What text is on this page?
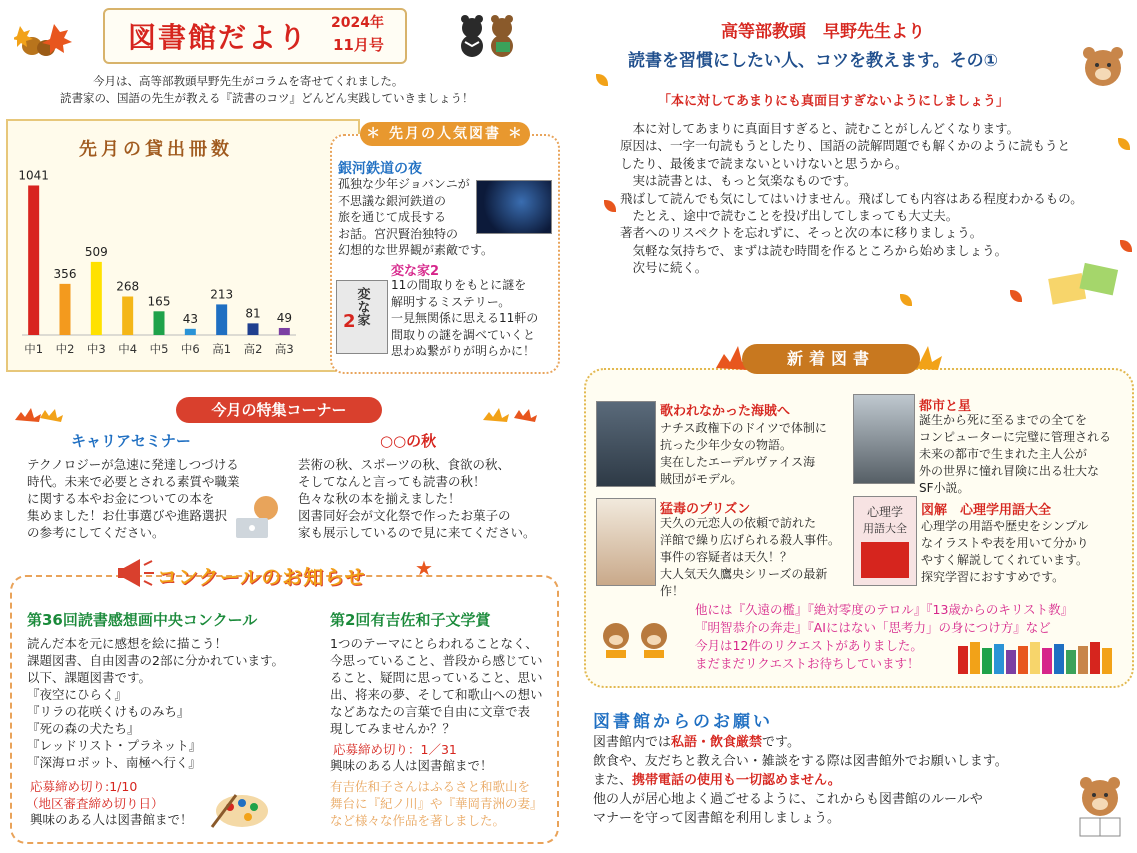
図書館だより 2024年
11月号
今月は、高等部教頭早野先生がコラムを寄せてくれました。
読書家の、国語の先生が教える『読書のコツ』どんどん実践していきましょう！
先月の貸出冊数
1041
中1
356
中2
509
中3
268
中4
165
中5
43
中6
213
高1
81
高2
49
高3
＊ 先月の人気図書 ＊
銀河鉄道の夜
孤独な少年ジョバンニが
不思議な銀河鉄道の
旅を通じて成長する
お話。宮沢賢治独特の
幻想的な世界観が素敵です。
変な家
2
変な家2
11の間取りをもとに謎を
解明するミステリー。
一見無関係に思える11軒の
間取りの謎を調べていくと
思わぬ繋がりが明らかに！
今月の特集コーナー
キャリアセミナー
テクノロジーが急速に発達しつづける
時代。未来で必要とされる素質や職業
に関する本やお金についての本を
集めました！お仕事選びや進路選択
の参考にしてください。
○○の秋
芸術の秋、スポーツの秋、食欲の秋、
そしてなんと言っても読書の秋！
色々な秋の本を揃えました！
図書同好会が文化祭で作ったお菓子の
家も展示しているので見に来てください。
コンクールのお知らせ ★
第36回読書感想画中央コンクール
読んだ本を元に感想を絵に描こう！
課題図書、自由図書の2部に分かれています。
以下、課題図書です。
『夜空にひらく』
『リラの花咲くけものみち』
『死の森の犬たち』
『レッドリスト・プラネット』
『深海ロボット、南極へ行く』
応募締め切り:1/10
（地区審査締め切り日）
興味のある人は図書館まで！
第2回有吉佐和子文学賞
1つのテーマにとらわれることなく、
今思っていること、普段から感じてい
ること、疑問に思っていること、思い
出、将来の夢、そして和歌山への想い
などあなたの言葉で自由に文章で表
現してみませんか？？
応募締め切り：1／31
興味のある人は図書館まで！
有吉佐和子さんはふるさと和歌山を
舞台に『紀ノ川』や『華岡青洲の妻』
など様々な作品を著しました。
高等部教頭　早野先生より
読書を習慣にしたい人、コツを教えます。その①
「本に対してあまりにも真面目すぎないようにしましょう」
　本に対してあまりに真面目すぎると、読むことがしんどくなります。
原因は、一字一句読もうとしたり、国語の読解問題でも解くかのように読もうと
したり、最後まで読まないといけないと思うから。
　実は読書とは、もっと気楽なものです。
飛ばして読んでも気にしてはいけません。飛ばしても内容はある程度わかるもの。
　たとえ、途中で読むことを投げ出してしまっても大丈夫。
著者へのリスペクトを忘れずに、そっと次の本に移りましょう。
　気軽な気持ちで、まずは読む時間を作るところから始めましょう。
　次号に続く。
新着図書
歌われなかった海賊へ
ナチス政権下のドイツで体制に
抗った少年少女の物語。
実在したエーデルヴァイス海
賊団がモデル。
都市と星
誕生から死に至るまでの全てを
コンピューターに完璧に管理される
未来の都市で生まれた主人公が
外の世界に憧れ冒険に出る壮大な
SF小説。
猛毒のプリズン
天久の元恋人の依頼で訪れた
洋館で繰り広げられる殺人事件。
事件の容疑者は天久！？
大人気天久鷹央シリーズの最新
作！
心理学
用語大全
図解　心理学用語大全
心理学の用語や歴史をシンプル
なイラストや表を用いて分かり
やすく解説してくれています。
探究学習におすすめです。
他には『久遠の檻』『絶対零度のテロル』『13歳からのキリスト教』
『明智恭介の奔走』『AIにはない「思考力」の身につけ方』など
今月は12件のリクエストがありました。
まだまだリクエストお待ちしています！
図書館からのお願い
図書館内では私語・飲食厳禁です。
飲食や、友だちと教え合い・雑談をする際は図書館外でお願いします。
また、携帯電話の使用も一切認めません。
他の人が居心地よく過ごせるように、これからも図書館のルールや
マナーを守って図書館を利用しましょう。
